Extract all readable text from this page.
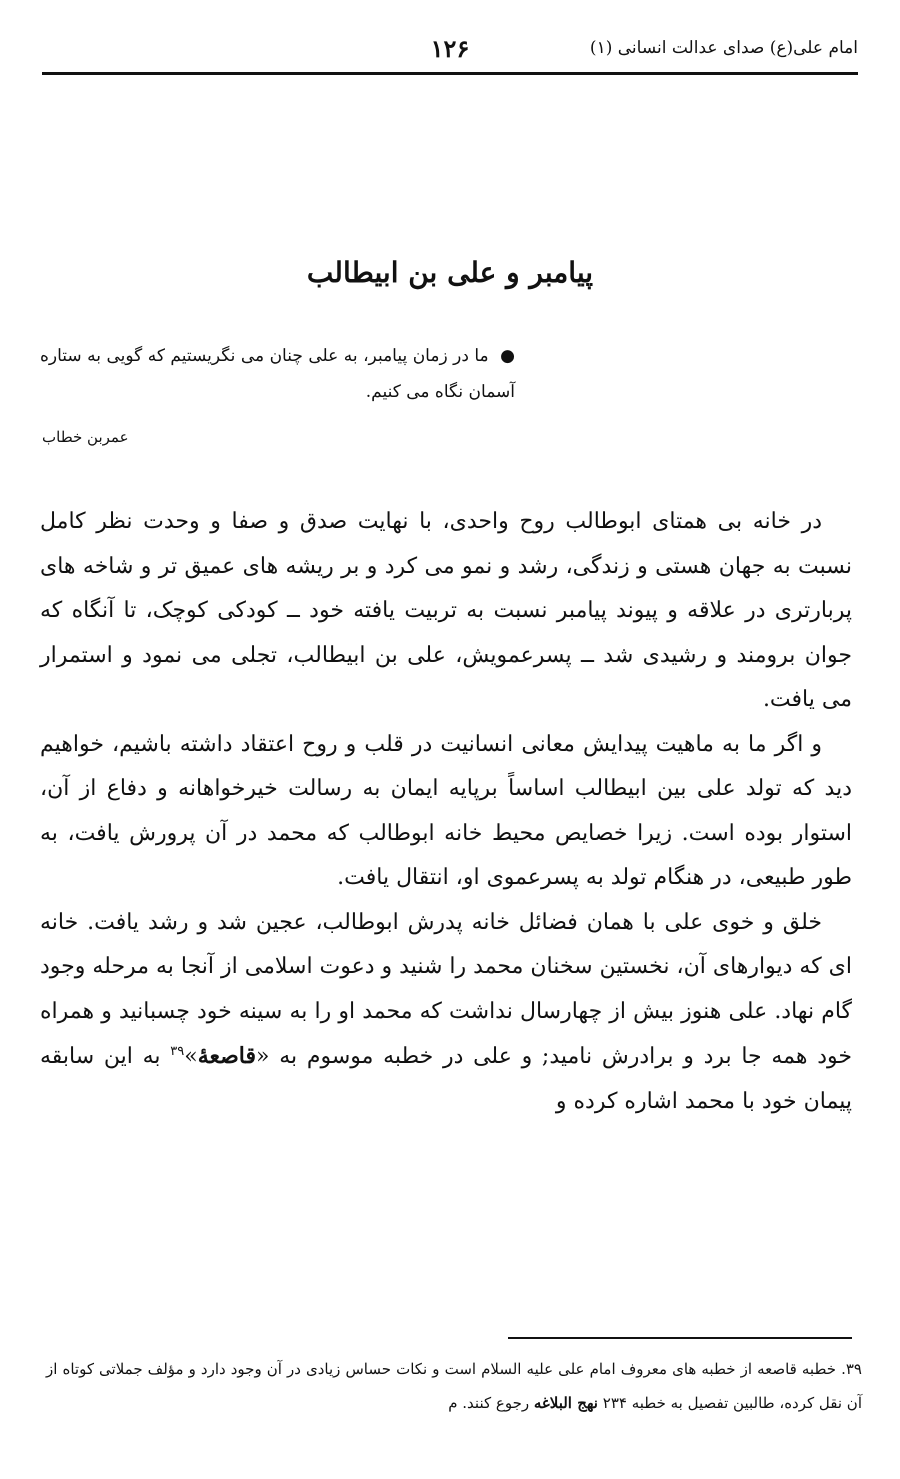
امام علی(ع) صدای عدالت انسانی (۱)
۱۲۶
پیامبر و علی بن ابیطالب
● ما در زمان پیامبر، به علی چنان می نگریستیم که گویی به ستاره آسمان نگاه می کنیم.
عمربن خطاب

در خانه بی همتای ابوطالب روح واحدی، با نهایت صدق و صفا و وحدت نظر کامل نسبت به جهان هستی و زندگی، رشد و نمو می کرد و بر ریشه های عمیق تر و شاخه های پربارتری در علاقه و پیوند پیامبر نسبت به تربیت یافته خود ــ کودکی کوچک، تا آنگاه که جوان برومند و رشیدی شد ــ پسرعمویش، علی بن ابیطالب، تجلی می نمود و استمرار می یافت.

و اگر ما به ماهیت پیدایش معانی انسانیت در قلب و روح اعتقاد داشته باشیم، خواهیم دید که تولد علی بین ابیطالب اساساً برپایه ایمان به رسالت خیرخواهانه و دفاع از آن، استوار بوده است. زیرا خصایص محیط خانه ابوطالب که محمد در آن پرورش یافت، به طور طبیعی، در هنگام تولد به پسرعموی او، انتقال یافت.

خلق و خوی علی با همان فضائل خانه پدرش ابوطالب، عجین شد و رشد یافت. خانه ای که دیوارهای آن، نخستین سخنان محمد را شنید و دعوت اسلامی از آنجا به مرحله وجود گام نهاد. علی هنوز بیش از چهارسال نداشت که محمد او را به سینه خود چسبانید و همراه خود همه جا برد و برادرش نامید; و علی در خطبه موسوم به «قاصعهٔ»$^{۳۹}$ به این سابقه پیمان خود با محمد اشاره کرده و

۳۹. خطبه قاصعه از خطبه های معروف امام علی علیه السلام است و نکات حساس زیادی در آن وجود دارد و مؤلف جملاتی کوتاه از آن نقل کرده، طالبین تفصیل به خطبه ۲۳۴ نهج البلاغه رجوع کنند. م
